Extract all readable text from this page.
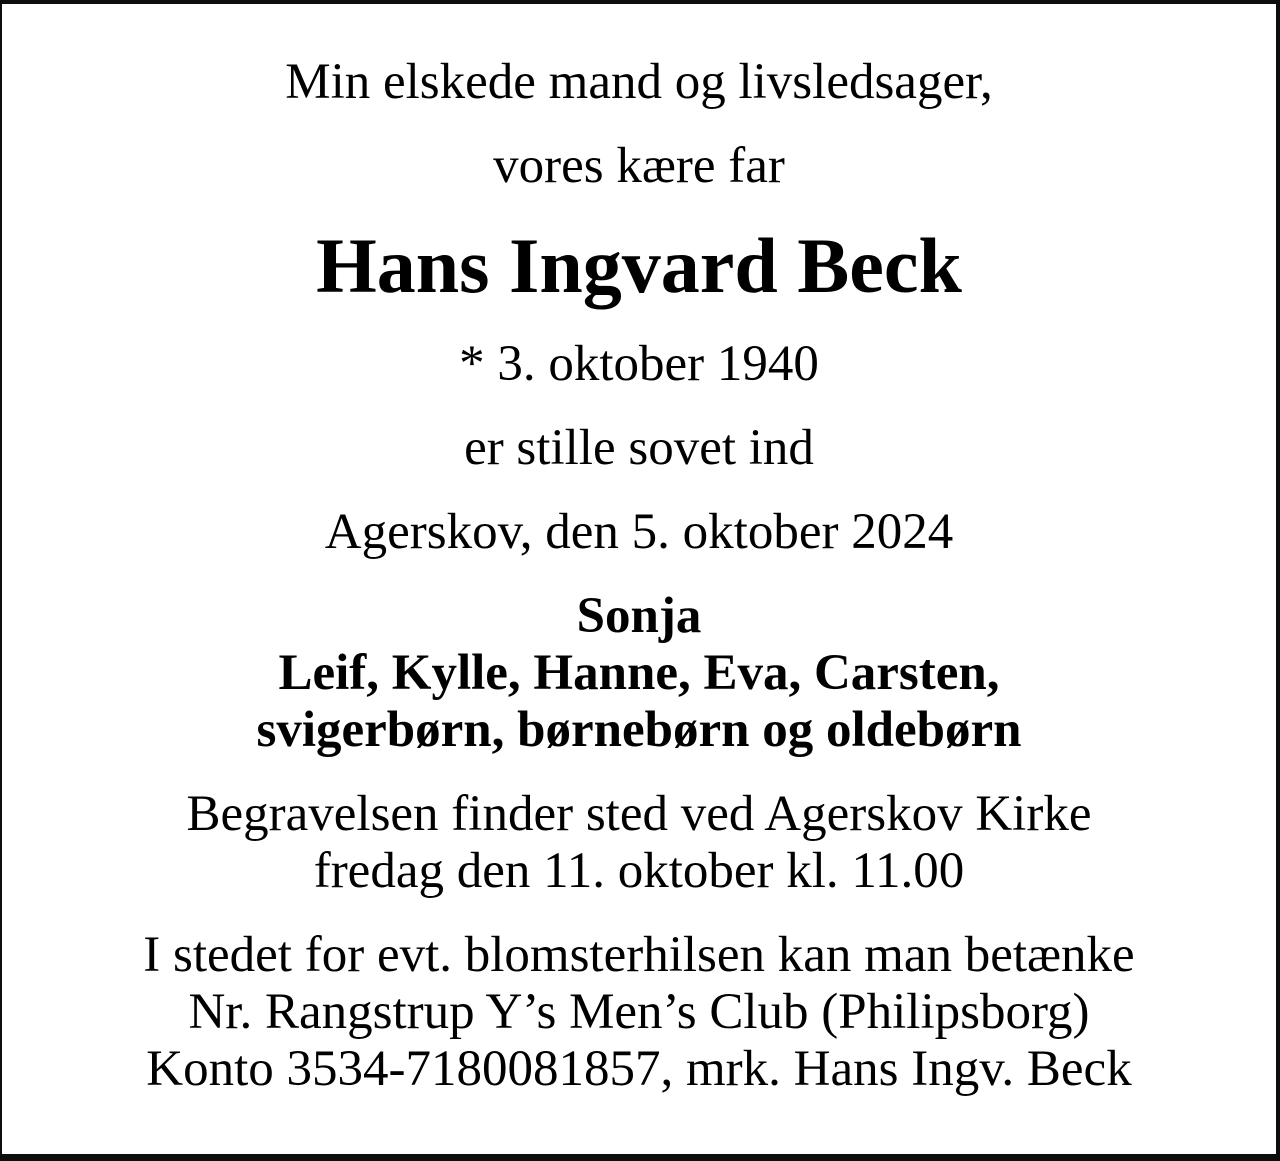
Min elskede mand og livsledsager,

vores kære far

Hans Ingvard Beck

* 3. oktober 1940

er stille sovet ind

Agerskov, den 5. oktober 2024

Sonja
Leif, Kylle, Hanne, Eva, Carsten,
svigerbørn, børnebørn og oldebørn

Begravelsen finder sted ved Agerskov Kirke
fredag den 11. oktober kl. 11.00

I stedet for evt. blomsterhilsen kan man betænke
Nr. Rangstrup Y’s Men’s Club (Philipsborg)
Konto 3534-7180081857, mrk. Hans Ingv. Beck
